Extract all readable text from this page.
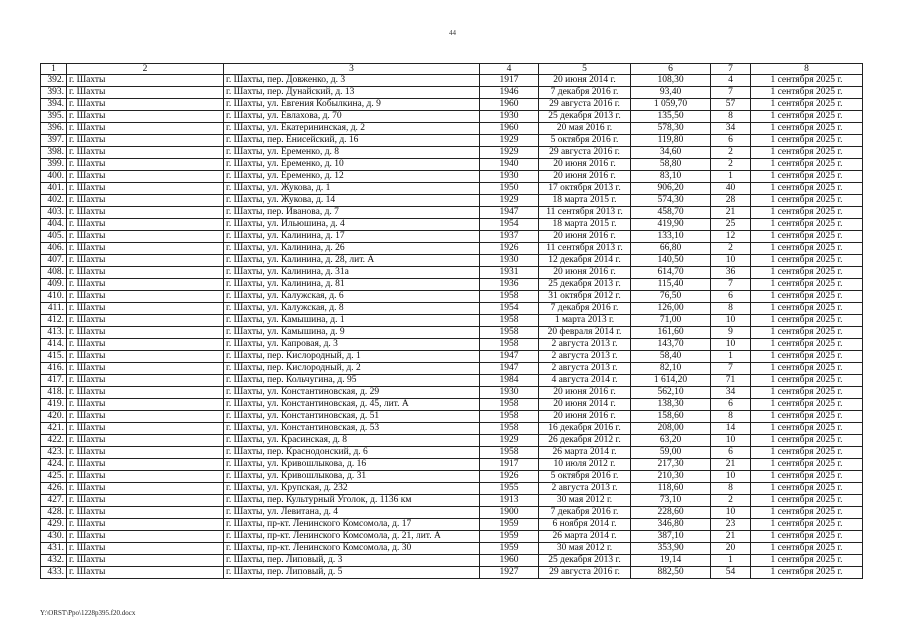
44
1	2	3	4	5	6	7	8
392.	г. Шахты	г. Шахты, пер. Довженко, д. 3	1917	20 июня 2014 г.	108,30	4	1 сентября 2025 г.
393.	г. Шахты	г. Шахты, пер. Дунайский, д. 13	1946	7 декабря 2016 г.	93,40	7	1 сентября 2025 г.
394.	г. Шахты	г. Шахты, ул. Евгения Кобылкина, д. 9	1960	29 августа 2016 г.	1 059,70	57	1 сентября 2025 г.
395.	г. Шахты	г. Шахты, ул. Евлахова, д. 70	1930	25 декабря 2013 г.	135,50	8	1 сентября 2025 г.
396.	г. Шахты	г. Шахты, ул. Екатерининская, д. 2	1960	20 мая 2016 г.	578,30	34	1 сентября 2025 г.
397.	г. Шахты	г. Шахты, пер. Енисейский, д. 16	1929	5 октября 2016 г.	119,80	6	1 сентября 2025 г.
398.	г. Шахты	г. Шахты, ул. Еременко, д. 8	1929	29 августа 2016 г.	34,60	2	1 сентября 2025 г.
399.	г. Шахты	г. Шахты, ул. Еременко, д. 10	1940	20 июня 2016 г.	58,80	2	1 сентября 2025 г.
400.	г. Шахты	г. Шахты, ул. Еременко, д. 12	1930	20 июня 2016 г.	83,10	1	1 сентября 2025 г.
401.	г. Шахты	г. Шахты, ул. Жукова, д. 1	1950	17 октября 2013 г.	906,20	40	1 сентября 2025 г.
402.	г. Шахты	г. Шахты, ул. Жукова, д. 14	1929	18 марта 2015 г.	574,30	28	1 сентября 2025 г.
403.	г. Шахты	г. Шахты, пер. Иванова, д. 7	1947	11 сентября 2013 г.	458,70	21	1 сентября 2025 г.
404.	г. Шахты	г. Шахты, ул. Ильюшина, д. 4	1954	18 марта 2015 г.	419,90	25	1 сентября 2025 г.
405.	г. Шахты	г. Шахты, ул. Калинина, д. 17	1937	20 июня 2016 г.	133,10	12	1 сентября 2025 г.
406.	г. Шахты	г. Шахты, ул. Калинина, д. 26	1926	11 сентября 2013 г.	66,80	2	1 сентября 2025 г.
407.	г. Шахты	г. Шахты, ул. Калинина, д. 28, лит. А	1930	12 декабря 2014 г.	140,50	10	1 сентября 2025 г.
408.	г. Шахты	г. Шахты, ул. Калинина, д. 31а	1931	20 июня 2016 г.	614,70	36	1 сентября 2025 г.
409.	г. Шахты	г. Шахты, ул. Калинина, д. 81	1936	25 декабря 2013 г.	115,40	7	1 сентября 2025 г.
410.	г. Шахты	г. Шахты, ул. Калужская, д. 6	1958	31 октября 2012 г.	76,50	6	1 сентября 2025 г.
411.	г. Шахты	г. Шахты, ул. Калужская, д. 8	1954	7 декабря 2016 г.	126,00	8	1 сентября 2025 г.
412.	г. Шахты	г. Шахты, ул. Камышина, д. 1	1958	1 марта 2013 г.	71,00	10	1 сентября 2025 г.
413.	г. Шахты	г. Шахты, ул. Камышина, д. 9	1958	20 февраля 2014 г.	161,60	9	1 сентября 2025 г.
414.	г. Шахты	г. Шахты, ул. Капровая, д. 3	1958	2 августа 2013 г.	143,70	10	1 сентября 2025 г.
415.	г. Шахты	г. Шахты, пер. Кислородный, д. 1	1947	2 августа 2013 г.	58,40	1	1 сентября 2025 г.
416.	г. Шахты	г. Шахты, пер. Кислородный, д. 2	1947	2 августа 2013 г.	82,10	7	1 сентября 2025 г.
417.	г. Шахты	г. Шахты, пер. Кольчугина, д. 95	1984	4 августа 2014 г.	1 614,20	71	1 сентября 2025 г.
418.	г. Шахты	г. Шахты, ул. Константиновская, д. 29	1930	20 июня 2016 г.	562,10	34	1 сентября 2025 г.
419.	г. Шахты	г. Шахты, ул. Константиновская, д. 45, лит. А	1958	20 июня 2014 г.	138,30	6	1 сентября 2025 г.
420.	г. Шахты	г. Шахты, ул. Константиновская, д. 51	1958	20 июня 2016 г.	158,60	8	1 сентября 2025 г.
421.	г. Шахты	г. Шахты, ул. Константиновская, д. 53	1958	16 декабря 2016 г.	208,00	14	1 сентября 2025 г.
422.	г. Шахты	г. Шахты, ул. Красинская, д. 8	1929	26 декабря 2012 г.	63,20	10	1 сентября 2025 г.
423.	г. Шахты	г. Шахты, пер. Краснодонский, д. 6	1958	26 марта 2014 г.	59,00	6	1 сентября 2025 г.
424.	г. Шахты	г. Шахты, ул. Кривошлыкова, д. 16	1917	10 июля 2012 г.	217,30	21	1 сентября 2025 г.
425.	г. Шахты	г. Шахты, ул. Кривошлыкова, д. 31	1926	5 октября 2016 г.	210,30	10	1 сентября 2025 г.
426.	г. Шахты	г. Шахты, ул. Крупская, д. 232	1955	2 августа 2013 г.	118,60	8	1 сентября 2025 г.
427.	г. Шахты	г. Шахты, пер. Культурный Уголок, д. 1136 км	1913	30 мая 2012 г.	73,10	2	1 сентября 2025 г.
428.	г. Шахты	г. Шахты, ул. Левитана, д. 4	1900	7 декабря 2016 г.	228,60	10	1 сентября 2025 г.
429.	г. Шахты	г. Шахты, пр-кт. Ленинского Комсомола, д. 17	1959	6 ноября 2014 г.	346,80	23	1 сентября 2025 г.
430.	г. Шахты	г. Шахты, пр-кт. Ленинского Комсомола, д. 21, лит. А	1959	26 марта 2014 г.	387,10	21	1 сентября 2025 г.
431.	г. Шахты	г. Шахты, пр-кт. Ленинского Комсомола, д. 30	1959	30 мая 2012 г.	353,90	20	1 сентября 2025 г.
432.	г. Шахты	г. Шахты, пер. Липовый, д. 3	1960	25 декабря 2013 г.	19,14	1	1 сентября 2025 г.
433.	г. Шахты	г. Шахты, пер. Липовый, д. 5	1927	29 августа 2016 г.	882,50	54	1 сентября 2025 г.
Y:\ORST\Ppo\1228p395.f20.docx
